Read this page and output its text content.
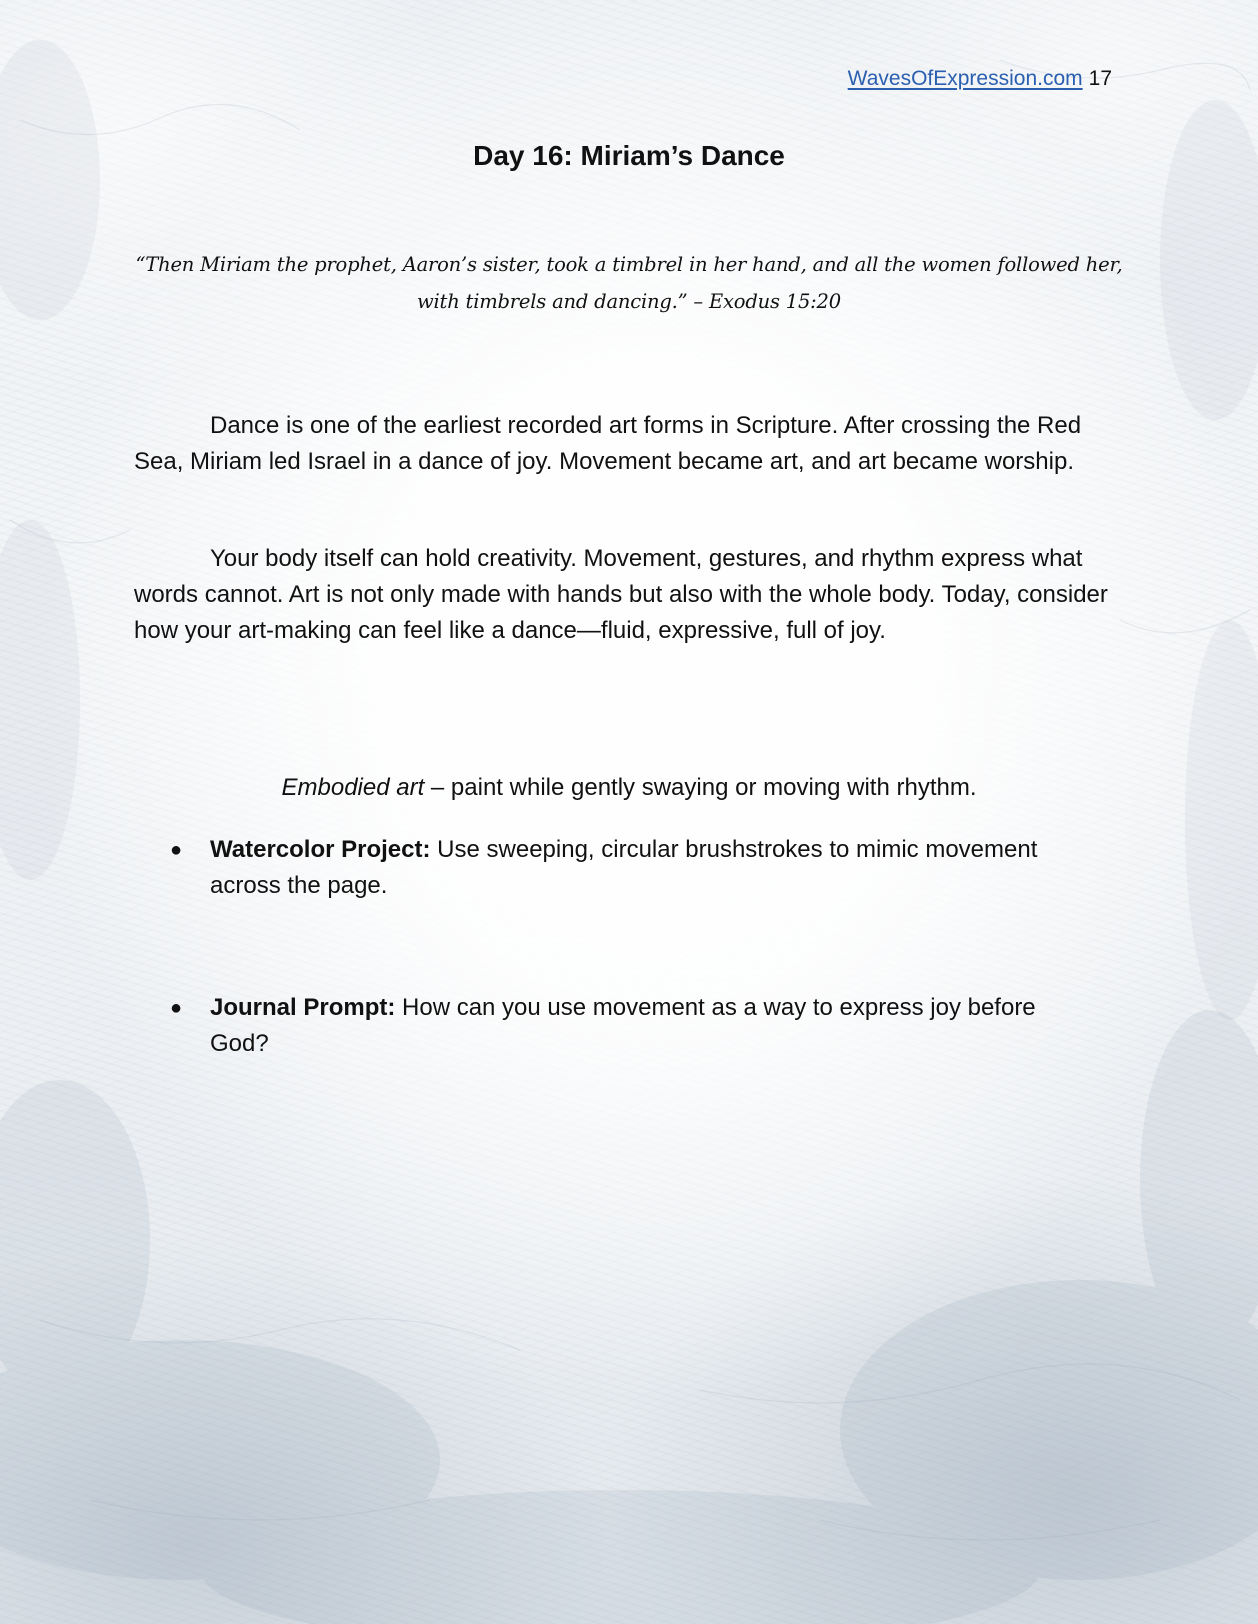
WavesOfExpression.com 17
Day 16: Miriam’s Dance

“Then Miriam the prophet, Aaron’s sister, took a timbrel in her hand, and all the women followed her, with timbrels and dancing.” – Exodus 15:20

Dance is one of the earliest recorded art forms in Scripture. After crossing the Red Sea, Miriam led Israel in a dance of joy. Movement became art, and art became worship.

Your body itself can hold creativity. Movement, gestures, and rhythm express what words cannot. Art is not only made with hands but also with the whole body. Today, consider how your art-making can feel like a dance—fluid, expressive, full of joy.

Embodied art – paint while gently swaying or moving with rhythm.

●	Watercolor Project: Use sweeping, circular brushstrokes to mimic movement across the page.
●	Journal Prompt: How can you use movement as a way to express joy before God?
